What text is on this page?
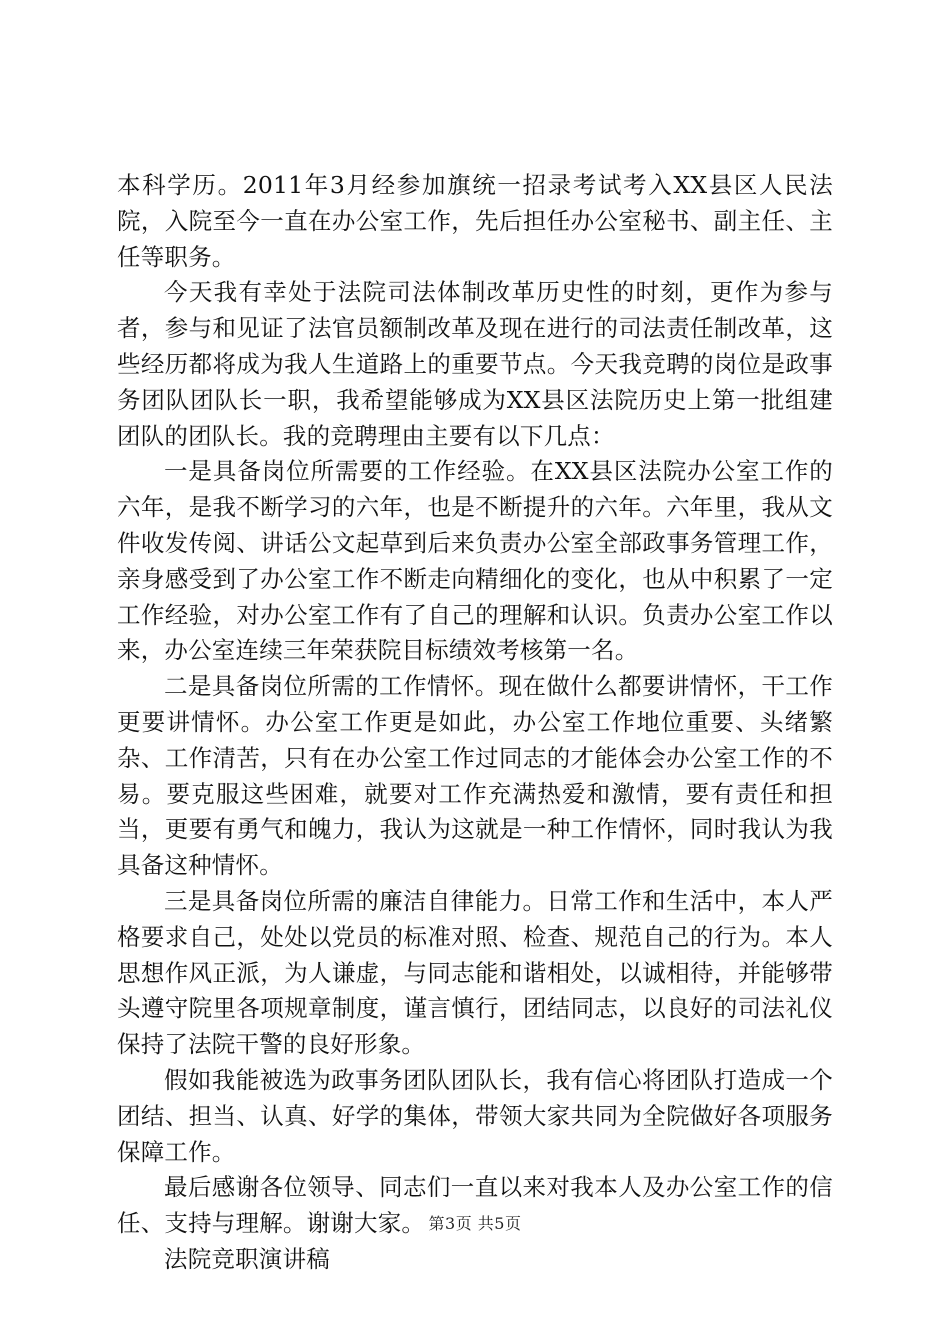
本科学历。2011年3月经参加旗统一招录考试考入XX县区人民法院，入院至今一直在办公室工作，先后担任办公室秘书、副主任、主任等职务。

今天我有幸处于法院司法体制改革历史性的时刻，更作为参与者，参与和见证了法官员额制改革及现在进行的司法责任制改革，这些经历都将成为我人生道路上的重要节点。今天我竞聘的岗位是政事务团队团队长一职，我希望能够成为XX县区法院历史上第一批组建团队的团队长。我的竞聘理由主要有以下几点：

一是具备岗位所需要的工作经验。在XX县区法院办公室工作的六年，是我不断学习的六年，也是不断提升的六年。六年里，我从文件收发传阅、讲话公文起草到后来负责办公室全部政事务管理工作，亲身感受到了办公室工作不断走向精细化的变化，也从中积累了一定工作经验，对办公室工作有了自己的理解和认识。负责办公室工作以来，办公室连续三年荣获院目标绩效考核第一名。

二是具备岗位所需的工作情怀。现在做什么都要讲情怀，干工作更要讲情怀。办公室工作更是如此，办公室工作地位重要、头绪繁杂、工作清苦，只有在办公室工作过同志的才能体会办公室工作的不易。要克服这些困难，就要对工作充满热爱和激情，要有责任和担当，更要有勇气和魄力，我认为这就是一种工作情怀，同时我认为我具备这种情怀。

三是具备岗位所需的廉洁自律能力。日常工作和生活中，本人严格要求自己，处处以党员的标准对照、检查、规范自己的行为。本人思想作风正派，为人谦虚，与同志能和谐相处，以诚相待，并能够带头遵守院里各项规章制度，谨言慎行，团结同志，以良好的司法礼仪保持了法院干警的良好形象。

假如我能被选为政事务团队团队长，我有信心将团队打造成一个团结、担当、认真、好学的集体，带领大家共同为全院做好各项服务保障工作。

最后感谢各位领导、同志们一直以来对我本人及办公室工作的信任、支持与理解。谢谢大家。

法院竞职演讲稿

第3页 共5页
